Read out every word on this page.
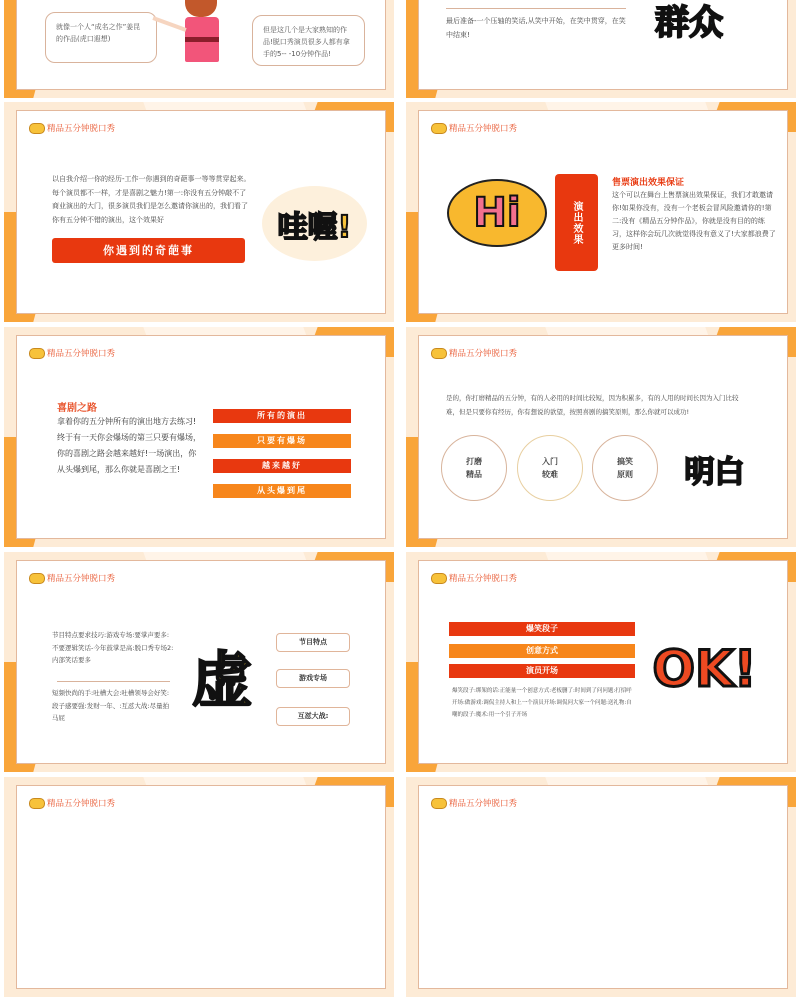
就像一个人“成名之作”姜昆的作品(虎口遐想)
但是这几个是大家熟知的作品!脱口秀演员很多人都有拿手的5-- -10分钟作品!
最后准备-一个压轴的笑话,从笑中开始，在笑中贯穿，在笑中结束!	群众
精品五分钟脱口秀
以自我介绍一你的经历-工作一你遇到的奇葩事一等等贯穿起来。每个演员都不一样，才是喜剧之魅力!第一:你没有五分钟敲不了商业演出的大门，很多演员我们是怎么邀请你演出的，我们看了你有五分钟不错的演出，这个效果好
你遇到的奇葩事
哇喔!
精品五分钟脱口秀
Hi	演出效果
售票演出效果保证
这个可以在舞台上售票演出效果保证，我们才敢邀请你!如果你没有，没有一个老板会冒风险邀请你的!第二:没有《精品五分钟作品》，你就是没有目的的练习，这样你会玩几次就觉得没有意义了!大家都浪费了更多时间!
精品五分钟脱口秀
喜剧之路
拿着你的五分钟所有的演出地方去练习!终于有一天你会爆场的第三只要有爆场，你的喜剧之路会越来越好!一场演出，你从头爆到尾，那么你就是喜剧之王!
所有的演出
只要有爆场
越来越好
从头爆到尾
精品五分钟脱口秀
是的，你打磨精品的五分钟，有的人必用的时间比较短，因为积累多，有的人用的时间长因为入门比较难，但是只要你有经历，你有想说的欲望，按照喜剧的搞笑原则，那么你就可以成功!
打磨
精品
入门
较难
搞笑
原则	明白
精品五分钟脱口秀
节目特点要求技巧:游戏专场:要掌声要多:不要逻辑笑话-今年鼓掌是高:脱口秀专场2:内部笑话要多
短频快尚的手:吐槽大会:吐槽领导会好笑:段子感要强:发财一年、:互怼大战:尽量拍马屁
虚
节目特点
游戏专场
互怼大战:
精品五分钟脱口秀
爆笑段子
创意方式
演员开场
爆笑段子:绑架的话:正能量一个创意方式:老板删了:时间到了问问题:打招呼开场:做游戏:调侃主持人和上一个演员开场:调侃问大家一个问题:送礼物:自嘲的段子:魔术:用一个引子开场
OK!
精品五分钟脱口秀	精品五分钟脱口秀
